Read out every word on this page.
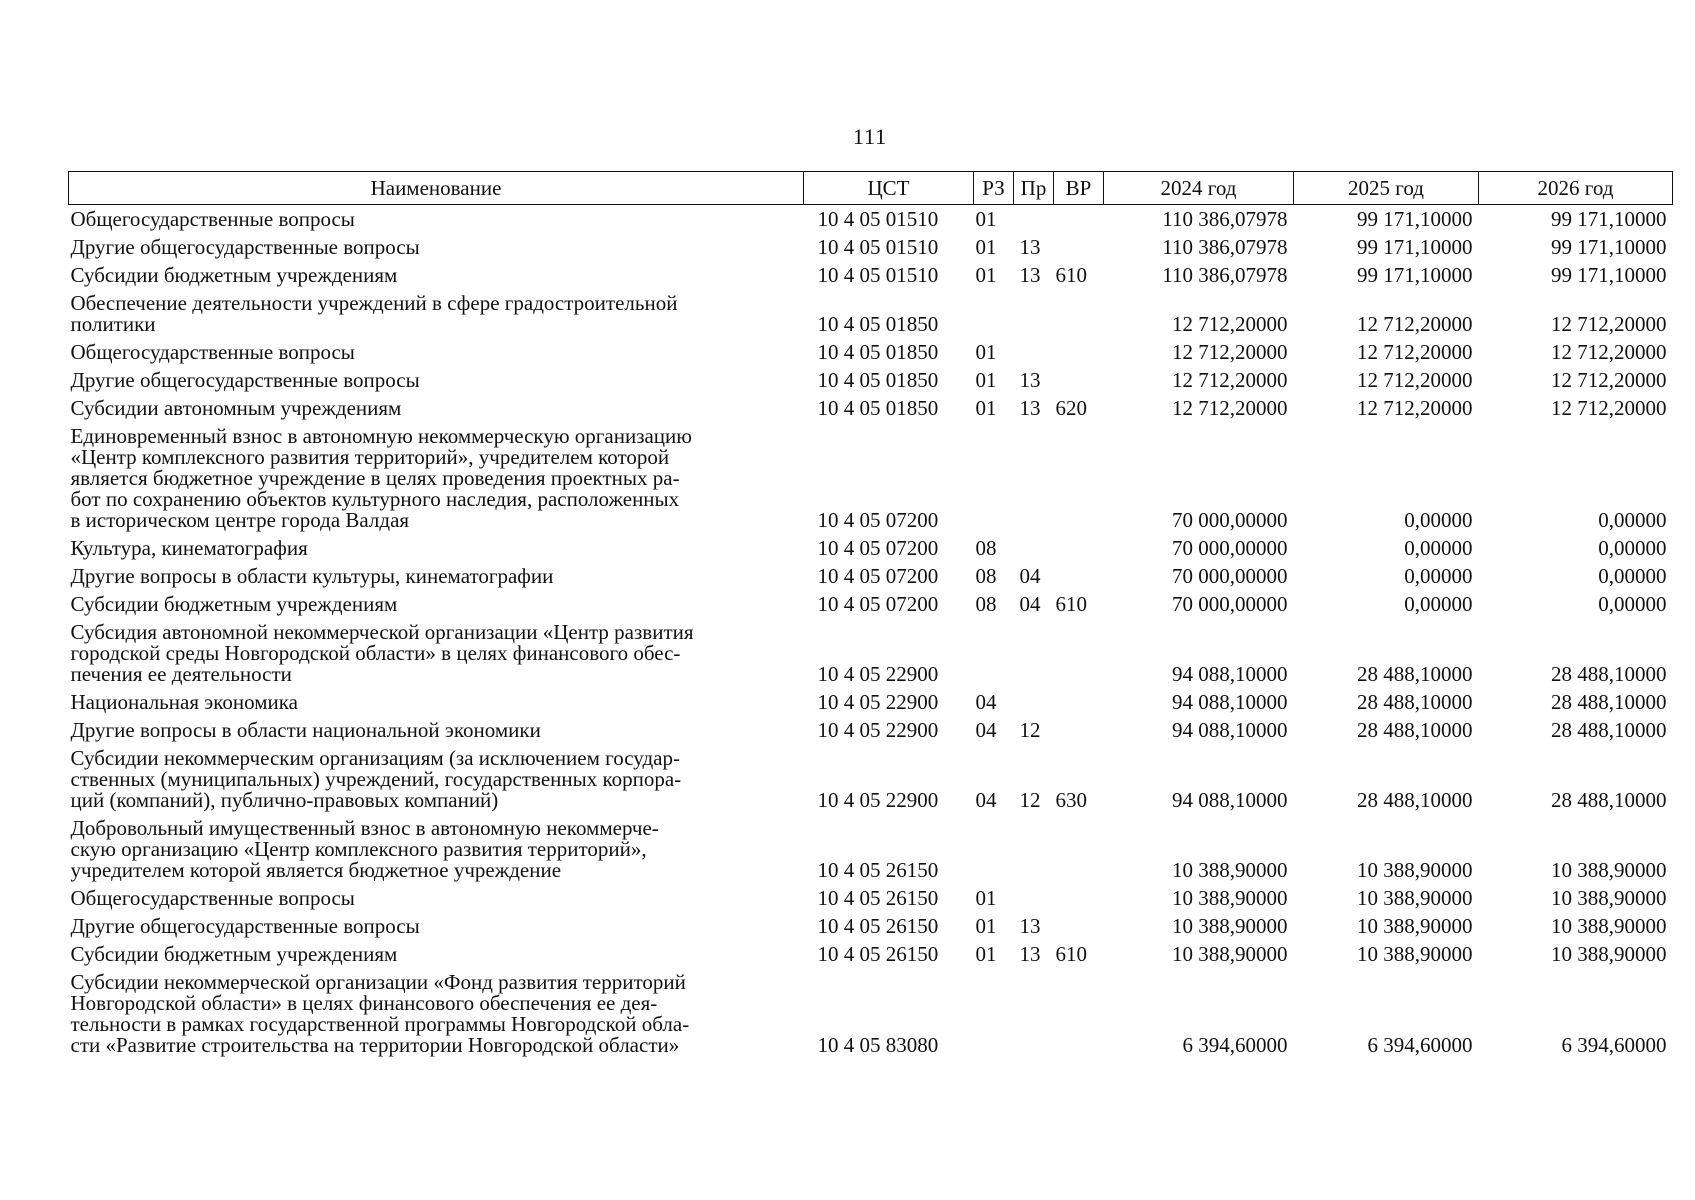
111
Наименование	ЦСТ	РЗ	Пр	ВР	2024 год	2025 год	2026 год
Общегосударственные вопросы	10 4 05 01510	01			110 386,07978	99 171,10000	99 171,10000
Другие общегосударственные вопросы	10 4 05 01510	01	13		110 386,07978	99 171,10000	99 171,10000
Субсидии бюджетным учреждениям	10 4 05 01510	01	13	610	110 386,07978	99 171,10000	99 171,10000
Обеспечение деятельности учреждений в сфере градостроительной
политики	10 4 05 01850				12 712,20000	12 712,20000	12 712,20000
Общегосударственные вопросы	10 4 05 01850	01			12 712,20000	12 712,20000	12 712,20000
Другие общегосударственные вопросы	10 4 05 01850	01	13		12 712,20000	12 712,20000	12 712,20000
Субсидии автономным учреждениям	10 4 05 01850	01	13	620	12 712,20000	12 712,20000	12 712,20000
Единовременный взнос в автономную некоммерческую организацию
«Центр комплексного развития территорий», учредителем которой
является бюджетное учреждение в целях проведения проектных ра-
бот по сохранению объектов культурного наследия, расположенных
в историческом центре города Валдая	10 4 05 07200				70 000,00000	0,00000	0,00000
Культура, кинематография	10 4 05 07200	08			70 000,00000	0,00000	0,00000
Другие вопросы в области культуры, кинематографии	10 4 05 07200	08	04		70 000,00000	0,00000	0,00000
Субсидии бюджетным учреждениям	10 4 05 07200	08	04	610	70 000,00000	0,00000	0,00000
Субсидия автономной некоммерческой организации «Центр развития
городской среды Новгородской области» в целях финансового обес-
печения ее деятельности	10 4 05 22900				94 088,10000	28 488,10000	28 488,10000
Национальная экономика	10 4 05 22900	04			94 088,10000	28 488,10000	28 488,10000
Другие вопросы в области национальной экономики	10 4 05 22900	04	12		94 088,10000	28 488,10000	28 488,10000
Субсидии некоммерческим организациям (за исключением государ-
ственных (муниципальных) учреждений, государственных корпора-
ций (компаний), публично-правовых компаний)	10 4 05 22900	04	12	630	94 088,10000	28 488,10000	28 488,10000
Добровольный имущественный взнос в автономную некоммерче-
скую организацию «Центр комплексного развития территорий»,
учредителем которой является бюджетное учреждение	10 4 05 26150				10 388,90000	10 388,90000	10 388,90000
Общегосударственные вопросы	10 4 05 26150	01			10 388,90000	10 388,90000	10 388,90000
Другие общегосударственные вопросы	10 4 05 26150	01	13		10 388,90000	10 388,90000	10 388,90000
Субсидии бюджетным учреждениям	10 4 05 26150	01	13	610	10 388,90000	10 388,90000	10 388,90000
Субсидии некоммерческой организации «Фонд развития территорий
Новгородской области» в целях финансового обеспечения ее дея-
тельности в рамках государственной программы Новгородской обла-
сти «Развитие строительства на территории Новгородской области»	10 4 05 83080				6 394,60000	6 394,60000	6 394,60000
